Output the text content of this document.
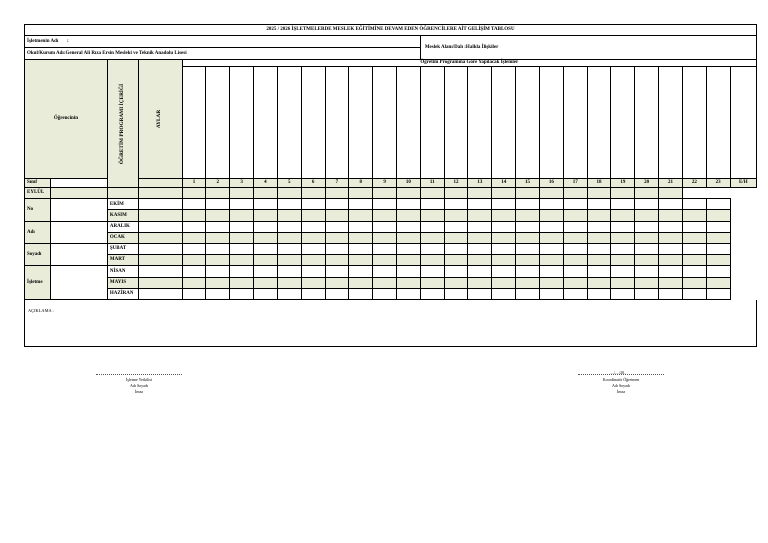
2025 / 2026 İŞLETMELERDE MESLEK EĞİTİMİNE DEVAM EDEN ÖĞRENCİLERE AİT GELİŞİM TABLOSU																											
İşletmenin Adı :														Meslek Alanı/Dalı :Halkla İlişkiler													
Okul/Kurum Adı:General Ali Rıza Ersin Mesleki ve Teknik Anadolu Lisesi																											
Öğrencinin		ÖĞRETİM PROGRAMI İÇERİĞİ	AYLAR	Öğretim Programına Göre Yapılacak İşlemler																							

Sınıf				1	2	3	4	5	6	7	8	9	10	11	12	13	14	15	16	17	18	19	20	21	22	23	E/H
EYLÜL																											
No		EKİM																									
		KASIM																									
Adı		ARALIK																									
		OCAK																									
Soyadı		ŞUBAT																									
		MART																									
İşletme		NİSAN																									
		MAYIS																									
		HAZİRAN																									
AÇIKLAMA :
..../..../20..
İşletme Yetkilisi
Adı Soyadı
İmza
Koordinatör Öğretmen
Adı Soyadı
İmza
